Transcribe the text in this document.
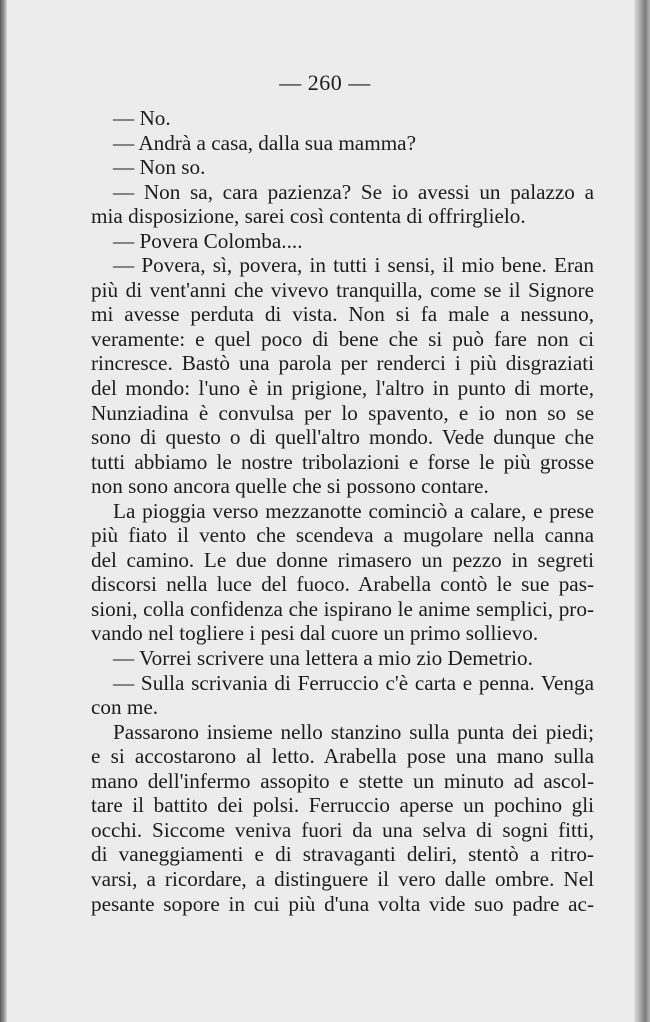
— 260 —
— No.
— Andrà a casa, dalla sua mamma?
— Non so.
— Non sa, cara pazienza? Se io avessi un palazzo a
mia disposizione, sarei così contenta di offrirglielo.
— Povera Colomba....
— Povera, sì, povera, in tutti i sensi, il mio bene. Eran
più di vent'anni che vivevo tranquilla, come se il Signore
mi avesse perduta di vista. Non si fa male a nessuno,
veramente: e quel poco di bene che si può fare non ci
rincresce. Bastò una parola per renderci i più disgraziati
del mondo: l'uno è in prigione, l'altro in punto di morte,
Nunziadina è convulsa per lo spavento, e io non so se
sono di questo o di quell'altro mondo. Vede dunque che
tutti abbiamo le nostre tribolazioni e forse le più grosse
non sono ancora quelle che si possono contare.
La pioggia verso mezzanotte cominciò a calare, e prese
più fiato il vento che scendeva a mugolare nella canna
del camino. Le due donne rimasero un pezzo in segreti
discorsi nella luce del fuoco. Arabella contò le sue pas-
sioni, colla confidenza che ispirano le anime semplici, pro-
vando nel togliere i pesi dal cuore un primo sollievo.
— Vorrei scrivere una lettera a mio zio Demetrio.
— Sulla scrivania di Ferruccio c'è carta e penna. Venga
con me.
Passarono insieme nello stanzino sulla punta dei piedi;
e si accostarono al letto. Arabella pose una mano sulla
mano dell'infermo assopito e stette un minuto ad ascol-
tare il battito dei polsi. Ferruccio aperse un pochino gli
occhi. Siccome veniva fuori da una selva di sogni fitti,
di vaneggiamenti e di stravaganti deliri, stentò a ritro-
varsi, a ricordare, a distinguere il vero dalle ombre. Nel
pesante sopore in cui più d'una volta vide suo padre ac-
